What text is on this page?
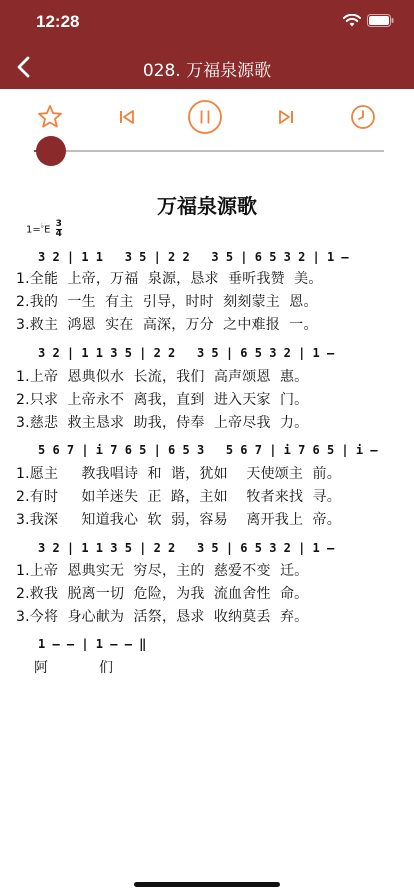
12:28
028. 万福泉源歌
万福泉源歌
$1=^♭E \frac{3}{4}$
3 2 | 1 1   3 5 | 2 2   3 5 | 6 5 3 2 | 1 –
1.全能  上帝，万福  泉源，恳求  垂听我赞  美。
2.我的  一生  有主  引导，时时  刻刻蒙主  恩。
3.救主  鸿恩  实在  高深，万分  之中难报  一。
3 2 | 1 1 3 5 | 2 2   3 5 | 6 5 3 2 | 1 –
1.上帝  恩典似水  长流，我们  高声颂恩  惠。
2.只求  上帝永不  离我，直到  进入天家  门。
3.慈悲  救主恳求  助我，侍奉  上帝尽我  力。
5 6 7 | i 7 6 5 | 6 5 3   5 6 7 | i 7 6 5 | i –
1.愿主     教我唱诗  和  谐，犹如    天使颂主  前。
2.有时     如羊迷失  正  路，主如    牧者来找  寻。
3.我深     知道我心  软  弱，容易    离开我上  帝。
3 2 | 1 1 3 5 | 2 2   3 5 | 6 5 3 2 | 1 –
1.上帝  恩典实无  穷尽，主的  慈爱不变  迁。
2.救我  脱离一切  危险，为我  流血舍性  命。
3.今将  身心献为  活祭，恳求  收纳莫丢  弃。
1 – – | 1 – – ‖
阿	们
